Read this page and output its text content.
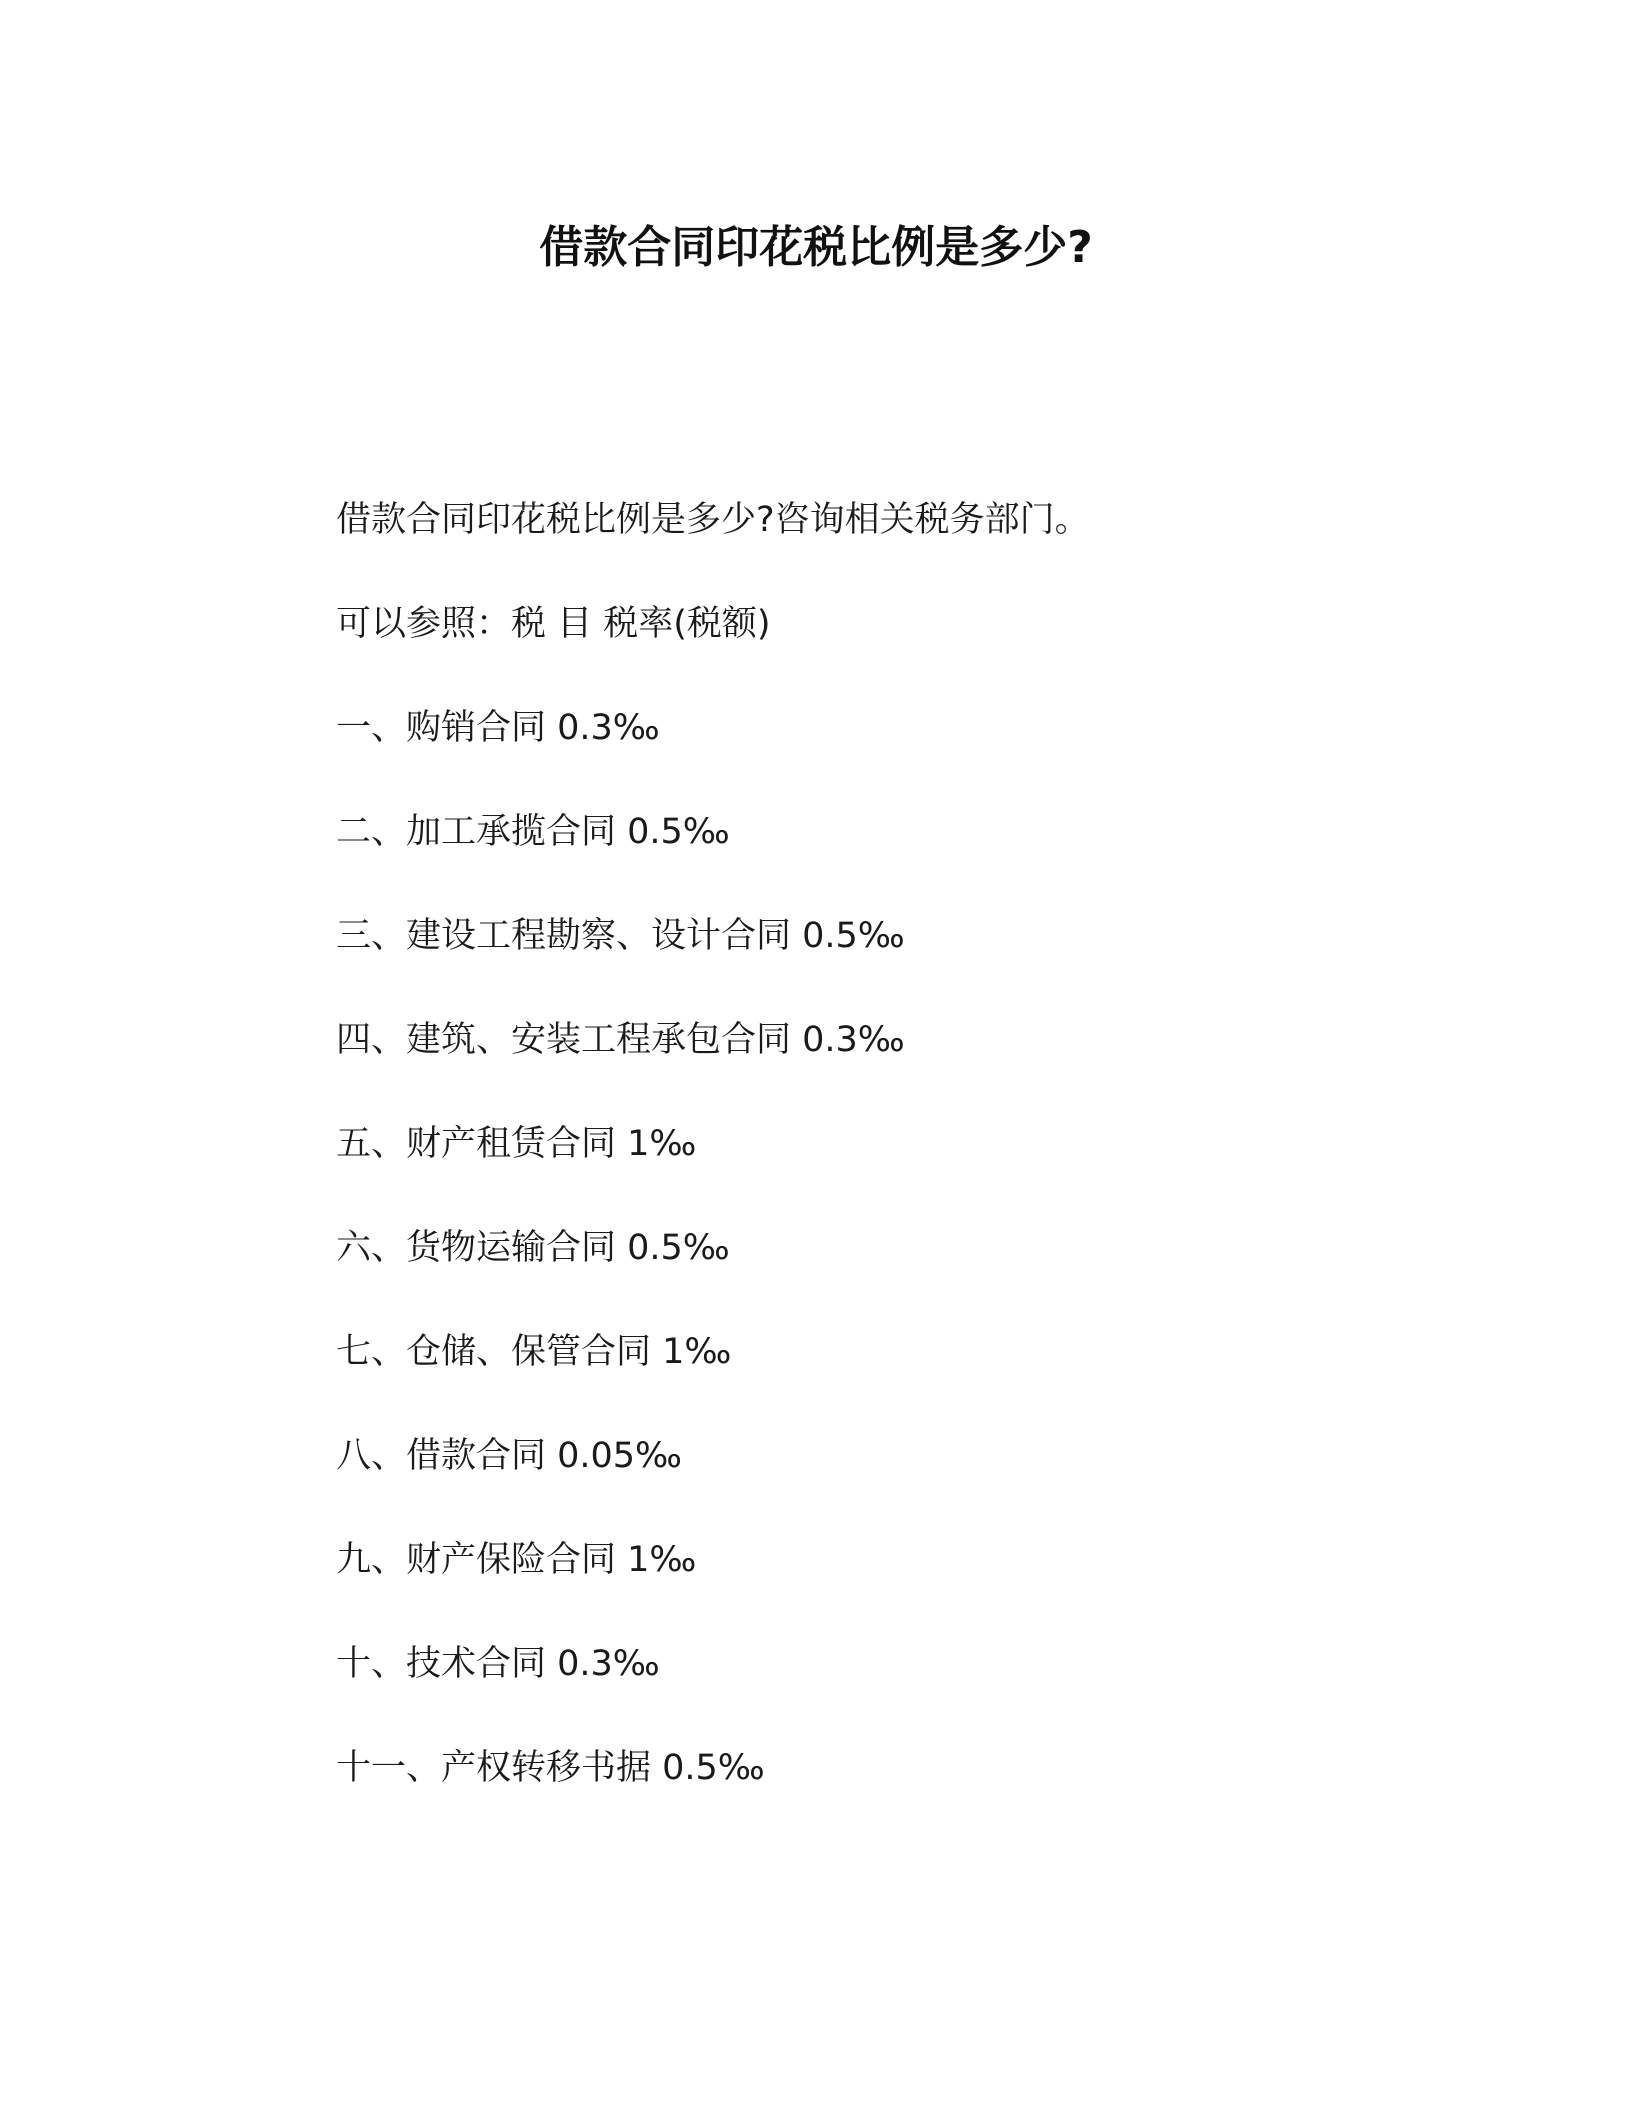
借款合同印花税比例是多少?

借款合同印花税比例是多少?咨询相关税务部门。

可以参照：税 目 税率(税额)

一、购销合同 0.3‰

二、加工承揽合同 0.5‰

三、建设工程勘察、设计合同 0.5‰

四、建筑、安装工程承包合同 0.3‰

五、财产租赁合同 1‰

六、货物运输合同 0.5‰

七、仓储、保管合同 1‰

八、借款合同 0.05‰

九、财产保险合同 1‰

十、技术合同 0.3‰

十一、产权转移书据 0.5‰
